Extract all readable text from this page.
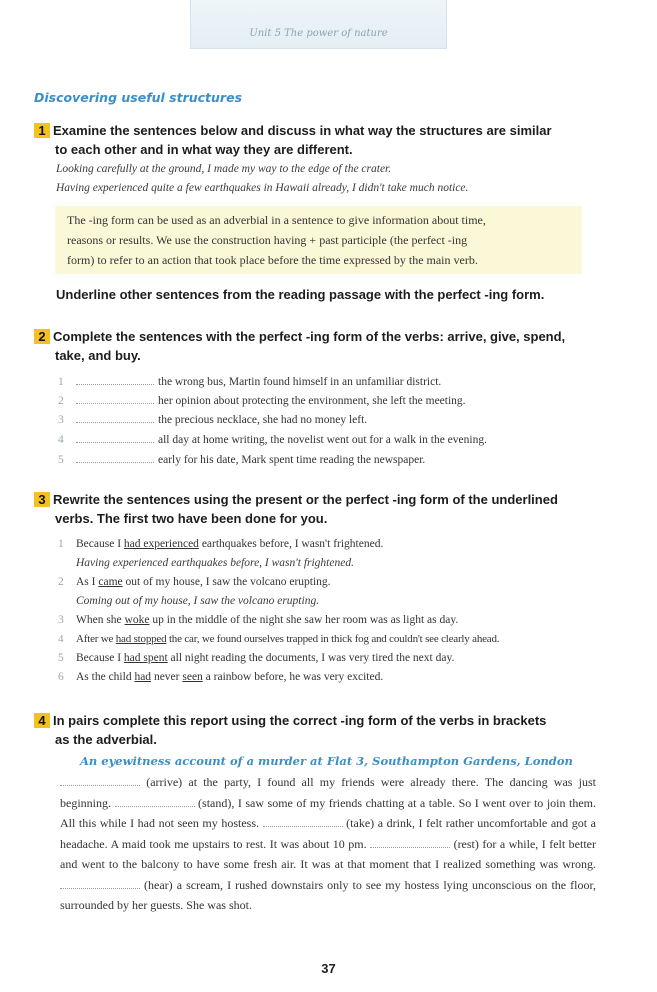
Unit 5 The power of nature
Discovering useful structures
1 Examine the sentences below and discuss in what way the structures are similar
to each other and in what way they are different.
Looking carefully at the ground, I made my way to the edge of the crater.
Having experienced quite a few earthquakes in Hawaii already, I didn't take much notice.

The -ing form can be used as an adverbial in a sentence to give information about time,

reasons or results. We use the construction having + past participle (the perfect -ing

form) to refer to an action that took place before the time expressed by the main verb.

Underline other sentences from the reading passage with the perfect -ing form.
2 Complete the sentences with the perfect -ing form of the verbs: arrive, give, spend,
take, and buy.
1	the wrong bus, Martin found himself in an unfamiliar district.
2	her opinion about protecting the environment, she left the meeting.
3	the precious necklace, she had no money left.
4	all day at home writing, the novelist went out for a walk in the evening.
5	early for his date, Mark spent time reading the newspaper.
3 Rewrite the sentences using the present or the perfect -ing form of the underlined
verbs. The first two have been done for you.
1 Because I had experienced earthquakes before, I wasn't frightened.
Having experienced earthquakes before, I wasn't frightened.
2 As I came out of my house, I saw the volcano erupting.
Coming out of my house, I saw the volcano erupting.
3 When she woke up in the middle of the night she saw her room was as light as day.
4 After we had stopped the car, we found ourselves trapped in thick fog and couldn't see clearly ahead.
5 Because I had spent all night reading the documents, I was very tired the next day.
6 As the child had never seen a rainbow before, he was very excited.
4 In pairs complete this report using the correct -ing form of the verbs in brackets
as the adverbial.
An eyewitness account of a murder at Flat 3, Southampton Gardens, London
(arrive) at the party, I found all my friends were already there. The dancing was just beginning.	(stand), I saw some of my friends chatting at a table. So I went over to join them. All this while I had not seen my hostess.	(take) a drink, I felt rather uncomfortable and got a headache. A maid took me upstairs to rest. It was about 10 pm.	(rest) for a while, I felt better and went to the balcony to have some fresh air. It was at that moment that I realized something was wrong.  (hear) a scream, I rushed downstairs only to see my hostess lying unconscious on the floor, surrounded by her guests. She was shot.
37
